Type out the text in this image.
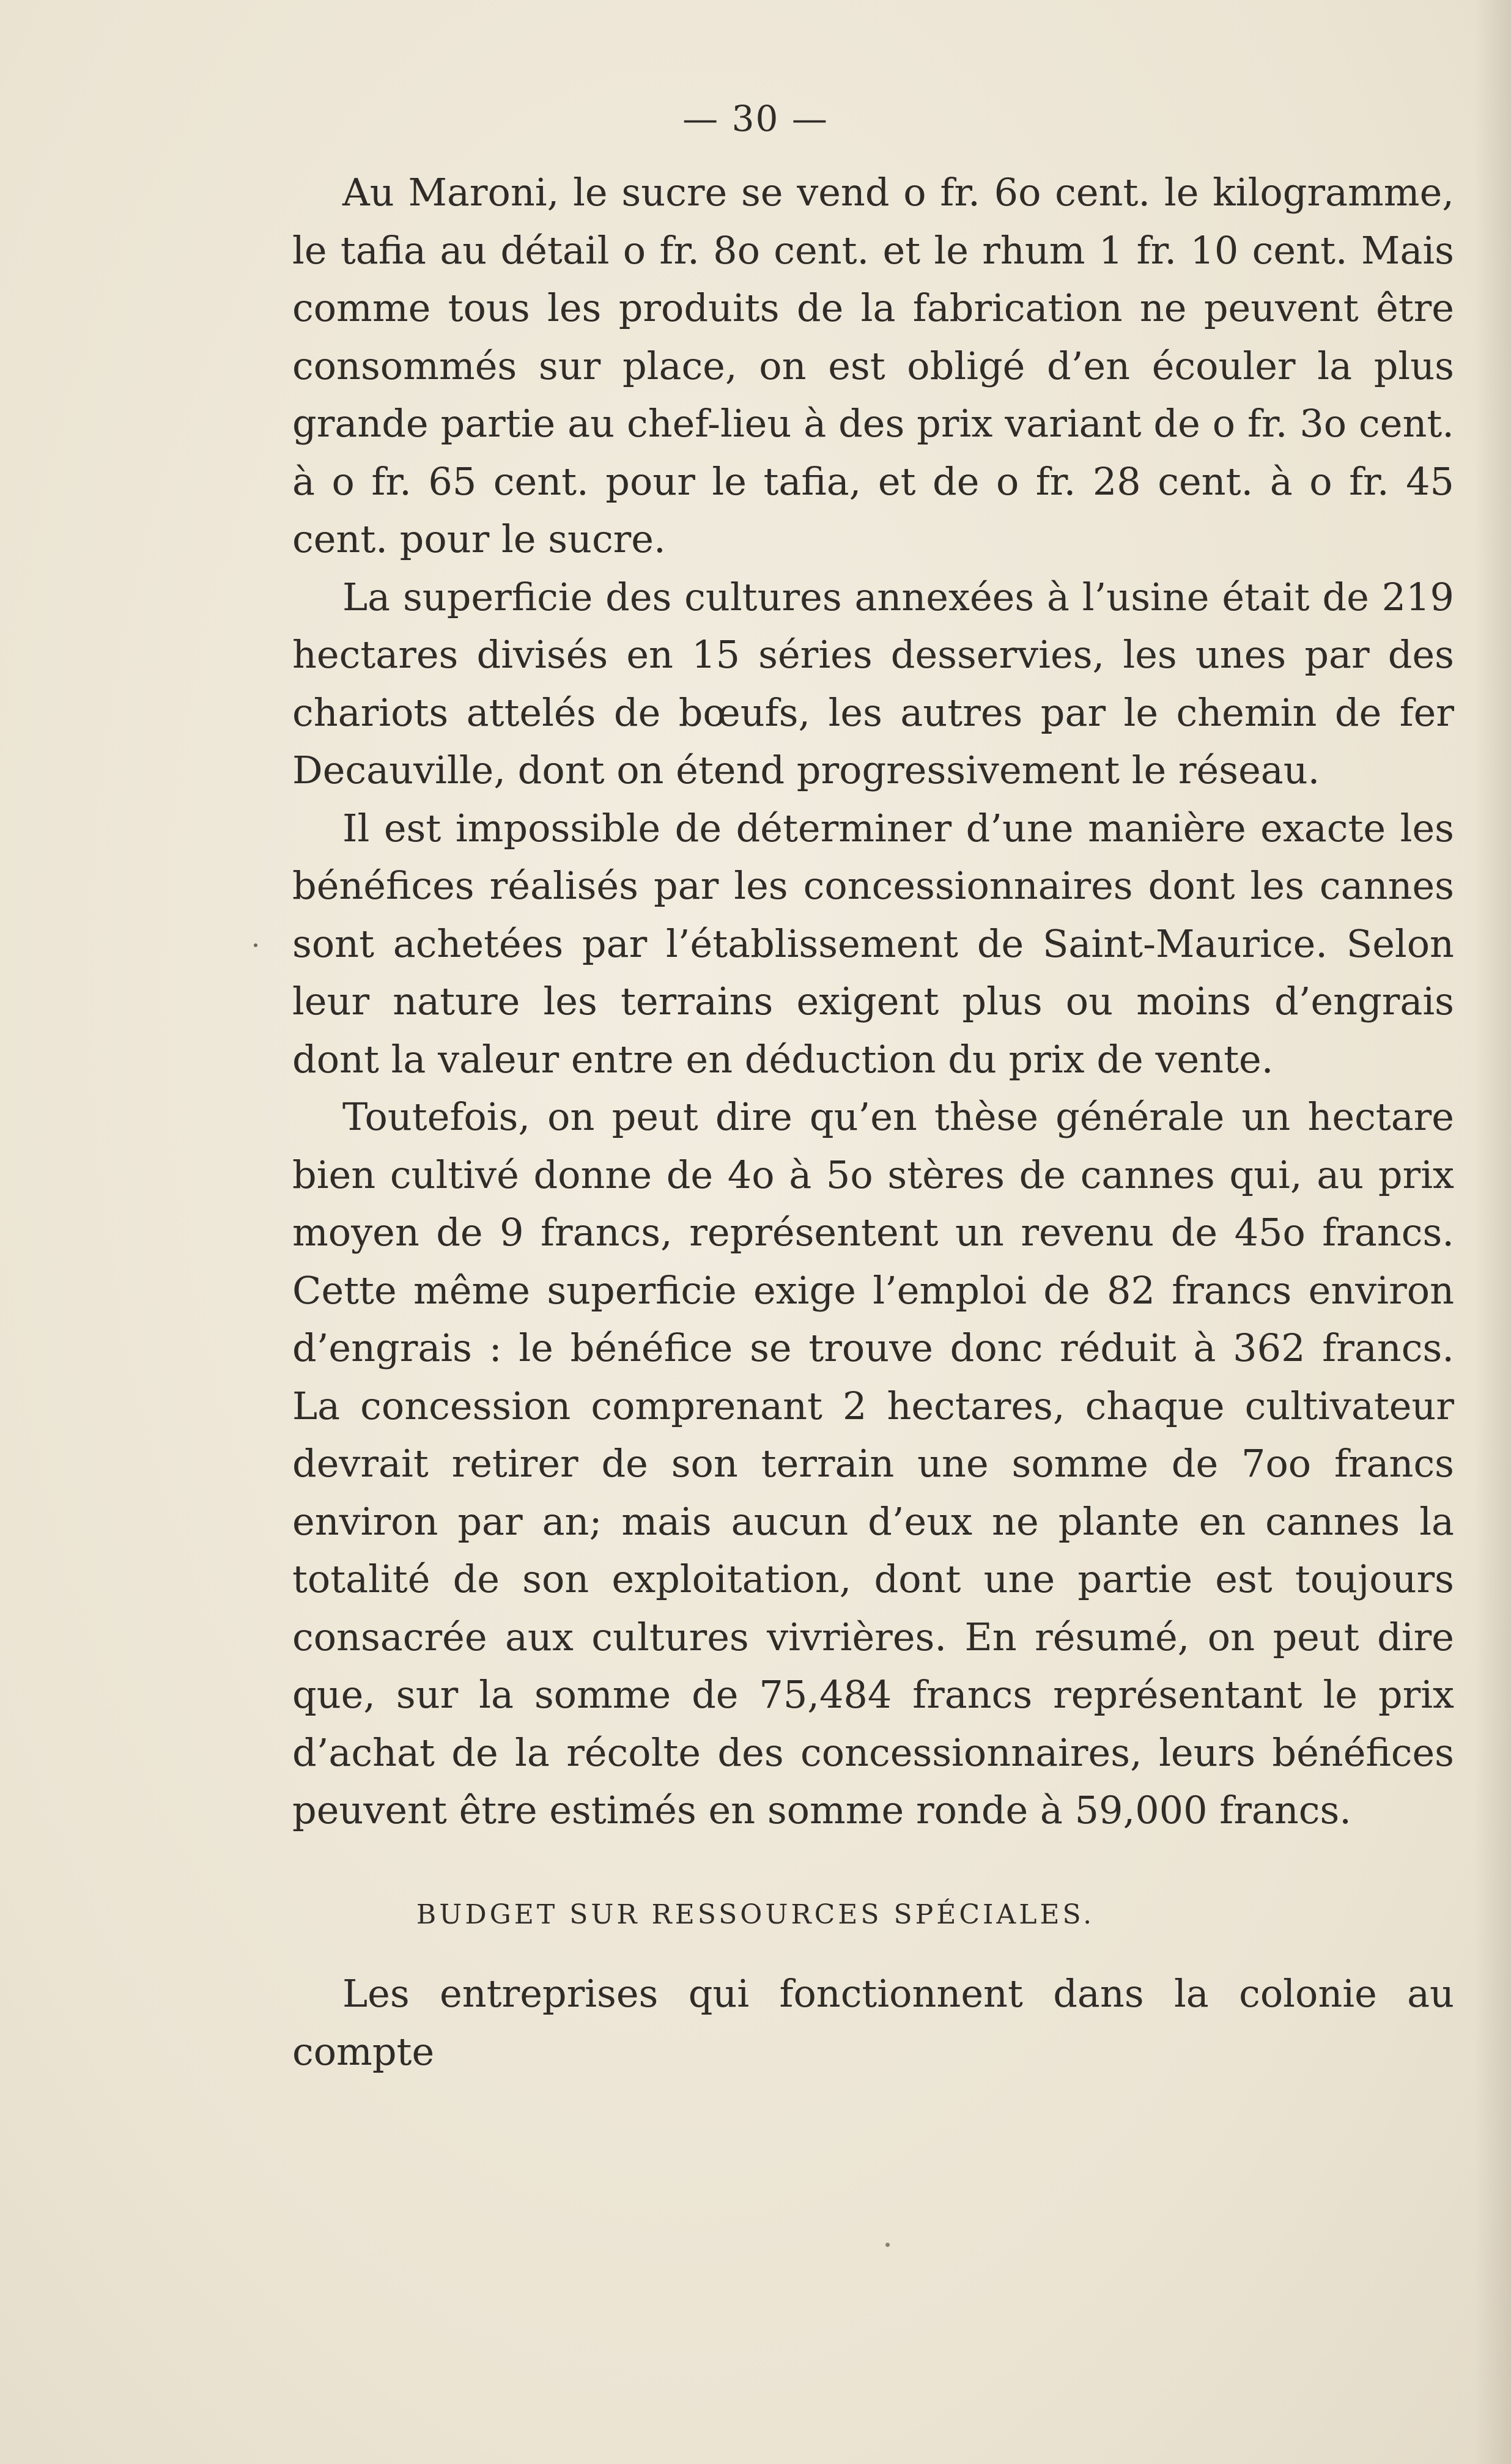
— 30 —

Au Maroni, le sucre se vend o fr. 6o cent. le kilogramme, le tafia au détail o fr. 8o cent. et le rhum 1 fr. 10 cent. Mais comme tous les produits de la fabrication ne peuvent être consommés sur place, on est obligé d’en écouler la plus grande partie au chef-lieu à des prix variant de o fr. 3o cent. à o fr. 65 cent. pour le tafia, et de o fr. 28 cent. à o fr. 45 cent. pour le sucre.

La superficie des cultures annexées à l’usine était de 219 hectares divisés en 15 séries desservies, les unes par des chariots attelés de bœufs, les autres par le chemin de fer Decauville, dont on étend progressivement le réseau.

Il est impossible de déterminer d’une manière exacte les bénéfices réalisés par les concessionnaires dont les cannes sont achetées par l’établissement de Saint-Maurice. Selon leur nature les terrains exigent plus ou moins d’engrais dont la valeur entre en déduction du prix de vente.

Toutefois, on peut dire qu’en thèse générale un hectare bien cultivé donne de 4o à 5o stères de cannes qui, au prix moyen de 9 francs, représentent un revenu de 45o francs. Cette même superficie exige l’emploi de 82 francs environ d’engrais : le bénéfice se trouve donc réduit à 362 francs. La concession comprenant 2 hectares, chaque cultivateur devrait retirer de son terrain une somme de 7oo francs environ par an; mais aucun d’eux ne plante en cannes la totalité de son exploitation, dont une partie est toujours consacrée aux cultures vivrières. En résumé, on peut dire que, sur la somme de 75,484 francs représentant le prix d’achat de la récolte des concessionnaires, leurs bénéfices peuvent être estimés en somme ronde à 59,000 francs.

BUDGET SUR RESSOURCES SPÉCIALES.
Les entreprises qui fonctionnent dans la colonie au compte
